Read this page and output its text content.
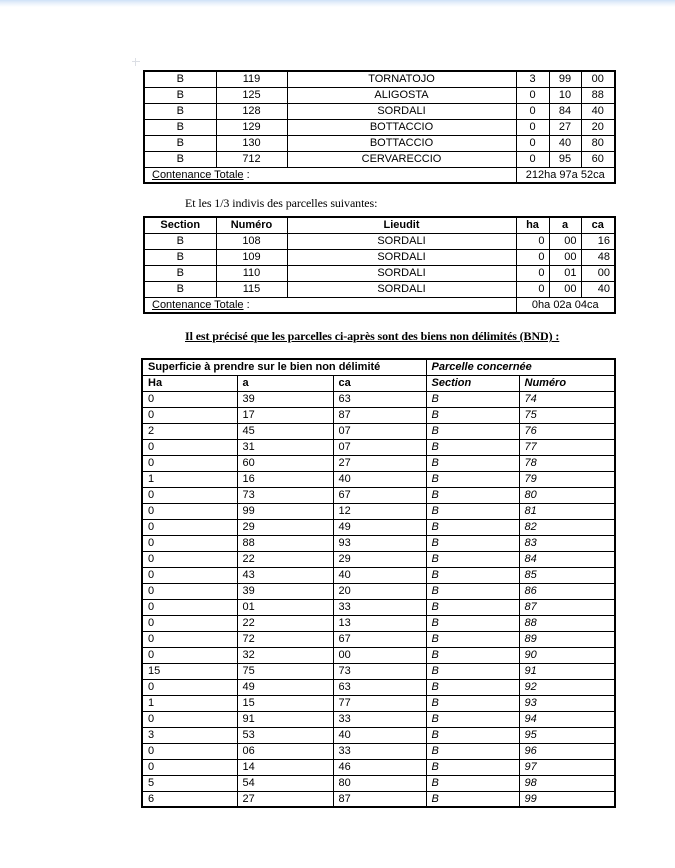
B	119	TORNATOJO	3	99	00
B	125	ALIGOSTA	0	10	88
B	128	SORDALI	0	84	40
B	129	BOTTACCIO	0	27	20
B	130	BOTTACCIO	0	40	80
B	712	CERVARECCIO	0	95	60
Contenance Totale :			212ha 97a 52ca		
Et les 1/3 indivis des parcelles suivantes:
Section	Numéro	Lieudit	ha	a	ca
B	108	SORDALI	0	00	16
B	109	SORDALI	0	00	48
B	110	SORDALI	0	01	00
B	115	SORDALI	0	00	40
Contenance Totale :			0ha 02a 04ca		
Il est précisé que les parcelles ci-après sont des biens non délimités (BND) :
Superficie à prendre sur le bien non délimité			Parcelle concernée	
Ha	a	ca	Section	Numéro
0	39	63	B	74
0	17	87	B	75
2	45	07	B	76
0	31	07	B	77
0	60	27	B	78
1	16	40	B	79
0	73	67	B	80
0	99	12	B	81
0	29	49	B	82
0	88	93	B	83
0	22	29	B	84
0	43	40	B	85
0	39	20	B	86
0	01	33	B	87
0	22	13	B	88
0	72	67	B	89
0	32	00	B	90
15	75	73	B	91
0	49	63	B	92
1	15	77	B	93
0	91	33	B	94
3	53	40	B	95
0	06	33	B	96
0	14	46	B	97
5	54	80	B	98
6	27	87	B	99
